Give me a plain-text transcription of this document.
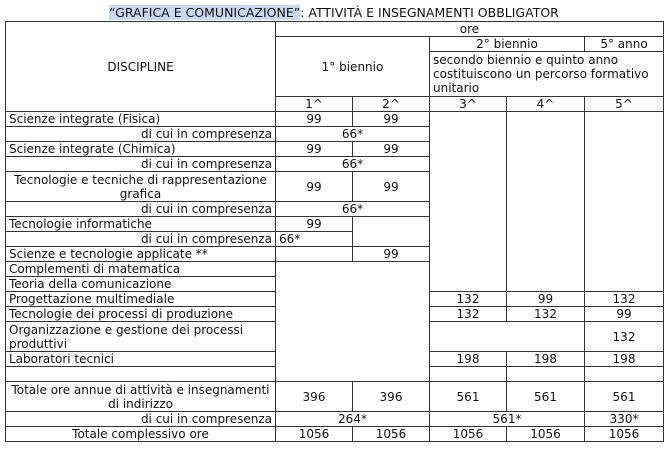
“GRAFICA E COMUNICAZIONE”: ATTIVITÀ E INSEGNAMENTI OBBLIGATOR
DISCIPLINE	ore					
	1° biennio		2° biennio		5° anno	
			secondo biennio e quinto anno costituiscono un percorso formativo unitario			
	1^	2^	3^	4^	5^	
Scienze integrate (Fisica)	99	99				
di cui in compresenza	66*					
Scienze integrate (Chimica)	99	99				
di cui in compresenza	66*					
Tecnologie e tecniche di rappresentazione grafica	99	99				
di cui in compresenza	66*					
Tecnologie informatiche	99					
di cui in compresenza	66*					
Scienze e tecnologie applicate **		99				
Complementi di matematica				
Teoria della comunicazione		
Progettazione multimediale			132	99	132	
Tecnologie dei processi di produzione			132	132	99	
Organizzazione e gestione dei processi produttivi					132	
Laboratori tecnici			198	198	198	

Totale ore annue di attività e insegnamenti di indirizzo	396	396	561	561	561	
di cui in compresenza	264*		561*		330*	
Totale complessivo ore	1056	1056	1056	1056	1056	
